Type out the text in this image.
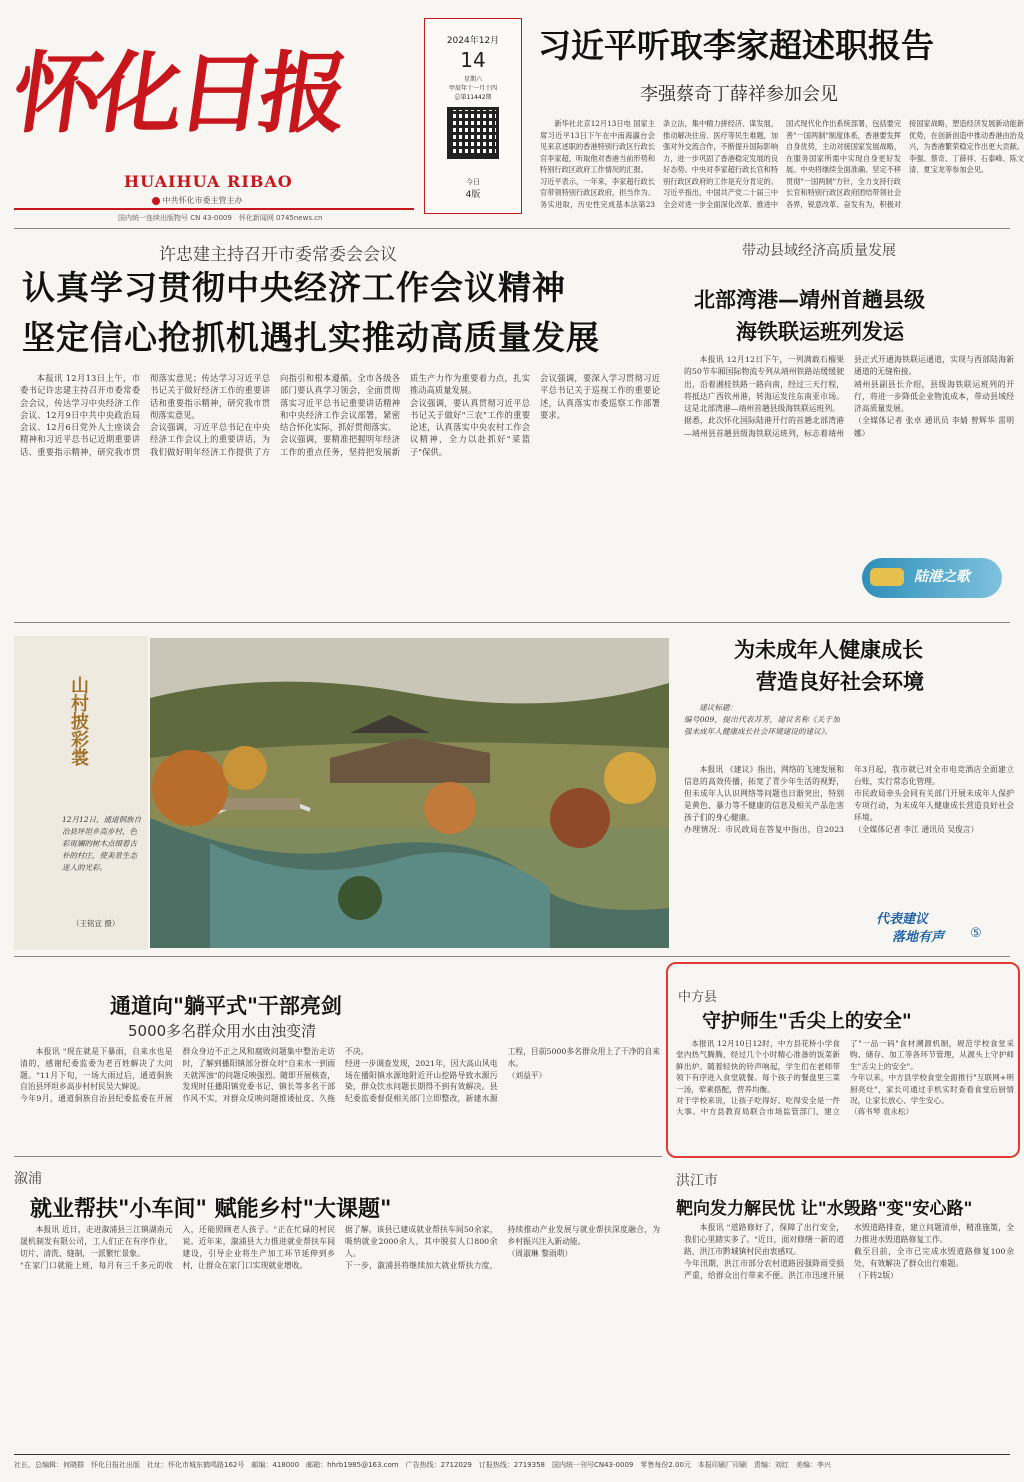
怀化日报
HUAIHUA RIBAO
中共怀化市委主管主办
国内统一连续出版物号 CN 43-0009　怀化新闻网 0745news.cn
2024年12月
14
星期六
甲辰年十一月十四
总第11442期
今日
4版
习近平听取李家超述职报告
李强蔡奇丁薛祥参加会见
新华社北京12月13日电 国家主席习近平13日下午在中南海瀛台会见来京述职的香港特别行政区行政长官李家超，听取他对香港当前形势和特别行政区政府工作情况的汇报。
习近平表示，一年来，李家超行政长官带领特别行政区政府，担当作为、务实进取，历史性完成基本法第23条立法，集中精力拼经济、谋发展，推动解决住房、医疗等民生难题，加强对外交流合作，不断提升国际影响力，进一步巩固了香港稳定发展的良好态势。中央对李家超行政长官和特别行政区政府的工作是充分肯定的。
习近平指出，中国共产党二十届三中全会对进一步全面深化改革、推进中国式现代化作出系统部署，包括要完善"一国两制"制度体系，香港要发挥自身优势，主动对接国家发展战略，在服务国家所需中实现自身更好发展。中央将继续全面准确、坚定不移贯彻"一国两制"方针，全力支持行政长官和特别行政区政府团结带领社会各界，锐意改革、奋发有为，积极对接国家战略，塑造经济发展新动能新优势，在创新创造中推动香港由治及兴，为香港繁荣稳定作出更大贡献。
李强、蔡奇、丁薛祥、石泰峰、陈文清、夏宝龙等参加会见。
许忠建主持召开市委常委会会议
认真学习贯彻中央经济工作会议精神
坚定信心抢抓机遇扎实推动高质量发展
本报讯 12月13日上午，市委书记许忠建主持召开市委常委会会议，传达学习中央经济工作会议、12月9日中共中央政治局会议、12月6日党外人士座谈会精神和习近平总书记近期重要讲话、重要指示精神，研究我市贯彻落实意见；传达学习习近平总书记关于做好经济工作的重要讲话和重要指示精神，研究我市贯彻落实意见。
会议强调，习近平总书记在中央经济工作会议上的重要讲话，为我们做好明年经济工作提供了方向指引和根本遵循。全市各级各部门要认真学习领会，全面贯彻落实习近平总书记重要讲话精神和中央经济工作会议部署，紧密结合怀化实际，抓好贯彻落实。
会议强调，要精准把握明年经济工作的重点任务，坚持把发展新质生产力作为重要着力点，扎实推动高质量发展。
会议强调，要认真贯彻习近平总书记关于做好"三农"工作的重要论述，认真落实中央农村工作会议精神，全力以赴抓好"菜篮子"保供。
会议强调，要深入学习贯彻习近平总书记关于巡视工作的重要论述，认真落实市委巡察工作部署要求。
带动县域经济高质量发展
北部湾港—靖州首趟县级
海铁联运班列发运
本报讯 12月12日下午，一列满载石榴果的50节车厢国际物流专列从靖州铁路站缓缓驶出，沿着湘桂铁路一路向南，经过三天行程，将抵达广西钦州港，转海运发往东南亚市场。这是北部湾港—靖州首趟县级海铁联运班列。
据悉，此次怀化国际陆港开行的首趟北部湾港—靖州县首趟县级海铁联运班列，标志着靖州县正式开通海铁联运通道，实现与西部陆海新通道的无缝衔接。
靖州县副县长介绍，县级海铁联运班列的开行，将进一步降低企业物流成本，带动县域经济高质量发展。
（全媒体记者 张卓 通讯员 李婧 曾辉华 雷明娜）
陆港之歌
山村披彩裳
12月12日，通道侗族自治县坪坦乡高步村，色彩斑斓的树木点缀着古朴的村庄，使美景生态迷人的光彩。
（王铭宜 摄）
为未成年人健康成长
营造良好社会环境
建议标题：
编号009，提出代表苏芳，建议名称《关于加强未成年人健康成长社会环境建设的建议》。
本报讯 《建议》指出，网络的飞速发展和信息的高效传播，拓宽了青少年生活的视野，但未成年人认识网络等问题也日渐突出，特别是黄色、暴力等不健康的信息及相关产品危害孩子们的身心健康。
办理情况：市民政局在答复中指出，自2023年3月起，我市就已对全市电竞酒店全面建立台账，实行常态化管理。
市民政局牵头会同有关部门开展未成年人保护专项行动，为未成年人健康成长营造良好社会环境。
（全媒体记者 李江 通讯员 吴俊言）
代表建议
落地有声 ⑤
通道向"躺平式"干部亮剑
5000多名群众用水由浊变清
本报讯 "现在就是下暴雨，自来水也是清的，感谢纪委监委为老百姓解决了大问题。"11月下旬，一场大雨过后，通道侗族自治县坪坦乡高步村村民吴大婶说。
今年9月，通道侗族自治县纪委监委在开展群众身边不正之风和腐败问题集中整治走访时，了解到播阳镇部分群众对"自来水一到雨天就浑浊"的问题反映强烈。随即开展核查，发现时任播阳镇党委书记、镇长等多名干部作风不实，对群众反映问题推诿扯皮、久拖不决。
经进一步调查发现，2021年，因大高山风电场在播阳镇水源地附近开山挖路导致水源污染，群众饮水问题长期得不到有效解决。县纪委监委督促相关部门立即整改，新建水源工程，目前5000多名群众用上了干净的自来水。
（刘益平）
中方县
守护师生"舌尖上的安全"
本报讯 12月10日12时，中方县花桥小学食堂内热气腾腾，经过几个小时精心准备的饭菜新鲜出炉。随着轻快的铃声响起，学生们在老师带领下有序进入食堂就餐。每个孩子的餐盘里三菜一汤，荤素搭配，营养均衡。
对于学校来说，让孩子吃得好、吃得安全是一件大事。中方县教育局联合市场监管部门，建立了"一品一码"食材溯源机制，规范学校食堂采购、储存、加工等各环节管理，从源头上守护师生"舌尖上的安全"。
今年以来，中方县学校食堂全面推行"互联网+明厨亮灶"，家长可通过手机实时查看食堂后厨情况，让家长放心、学生安心。
（蒋书琴 袁永松）
溆浦
就业帮扶"小车间" 赋能乡村"大课题"
本报讯 近日，走进溆浦县三江镇湖南元晟机制发有限公司，工人们正在有序作业，切片、清洗、缝制，一派繁忙景象。
"在家门口就能上班，每月有三千多元的收入，还能照顾老人孩子。"正在忙碌的村民说。近年来，溆浦县大力推进就业帮扶车间建设，引导企业将生产加工环节延伸到乡村，让群众在家门口实现就业增收。
据了解，该县已建成就业帮扶车间50余家，吸纳就业2000余人，其中脱贫人口800余人。
下一步，溆浦县将继续加大就业帮扶力度，持续推动产业发展与就业帮扶深度融合，为乡村振兴注入新动能。
（周淑琳 黎雨萌）
洪江市
靶向发力解民忧 让"水毁路"变"安心路"
本报讯 "道路修好了，保障了出行安全，我们心里踏实多了。"近日，面对修缮一新的道路，洪江市黔城镇村民由衷感叹。
今年汛期，洪江市部分农村道路因强降雨受损严重，给群众出行带来不便。洪江市迅速开展水毁道路排查，建立问题清单，精准施策，全力推进水毁道路修复工作。
截至目前，全市已完成水毁道路修复100余处，有效解决了群众出行难题。
（下转2版）
社长、总编辑：何晓群　怀化日报社出版　社址：怀化市城东鹤鸣路162号　邮编：418000　邮箱：hhrb1985@163.com　广告热线：2712029　订报热线：2719358　国内统一刊号CN43-0009　零售每份2.00元　本报印刷厂印刷　责编：刘红　美编：李兴
